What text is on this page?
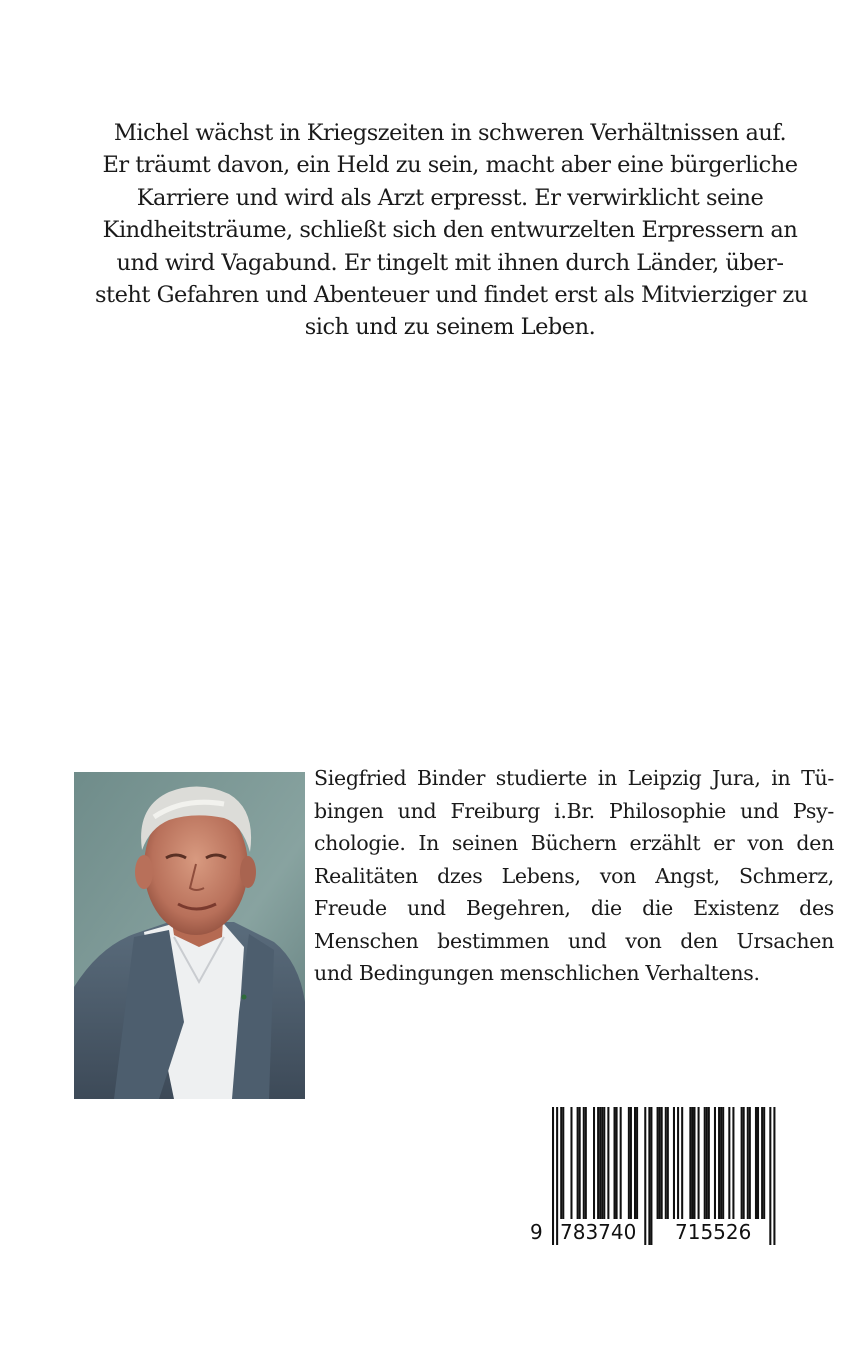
Michel wächst in Kriegszeiten in schweren Verhältnissen auf.
Er träumt davon, ein Held zu sein, macht aber eine bürgerliche
Karriere und wird als Arzt erpresst. Er verwirklicht seine
Kindheitsträume, schließt sich den entwurzelten Erpressern an
und wird Vagabund. Er tingelt mit ihnen durch Länder, über-
steht Gefahren und Abenteuer und findet erst als Mitvierziger zu
sich und zu seinem Leben.
Siegfried Binder studierte in Leipzig Jura, in Tü-
bingen und Freiburg i.Br. Philosophie und Psy-
chologie. In seinen Büchern erzählt er von den
Realitäten dzes Lebens, von Angst, Schmerz,
Freude und Begehren, die die Existenz des
Menschen bestimmen und von den Ursachen
und Bedingungen menschlichen Verhaltens.
9 783740 715526
